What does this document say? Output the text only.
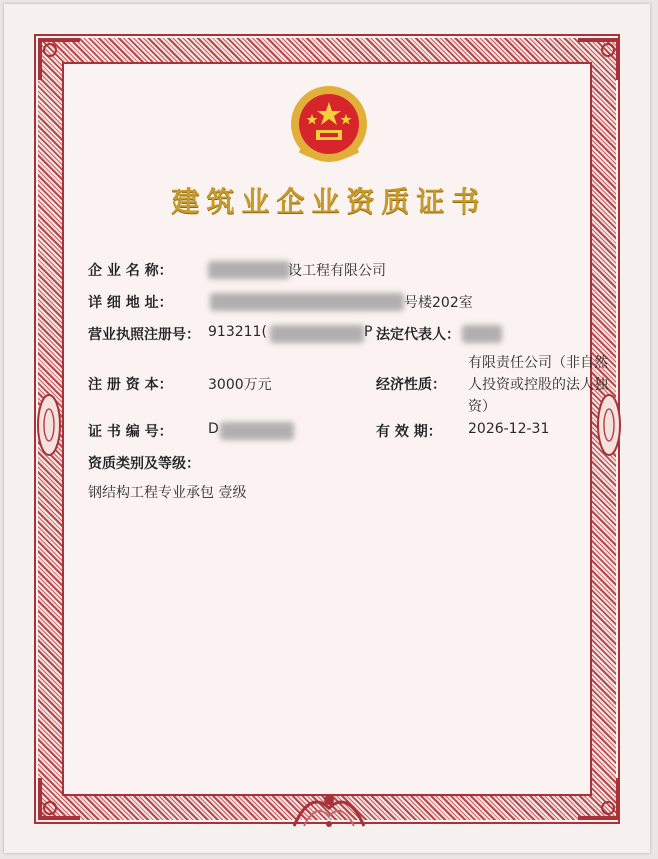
建筑业企业资质证书
企 业 名 称：	设工程有限公司
详 细 地 址：	号楼202室
营业执照注册号： 913211(	P 法定代表人：
注 册 资 本：	3000万元	经济性质：
有限责任公司（非自然
人投资或控股的法人独
资）
证 书 编 号：	D	有 效 期： 2026-12-31
资质类别及等级：
钢结构工程专业承包 壹级
